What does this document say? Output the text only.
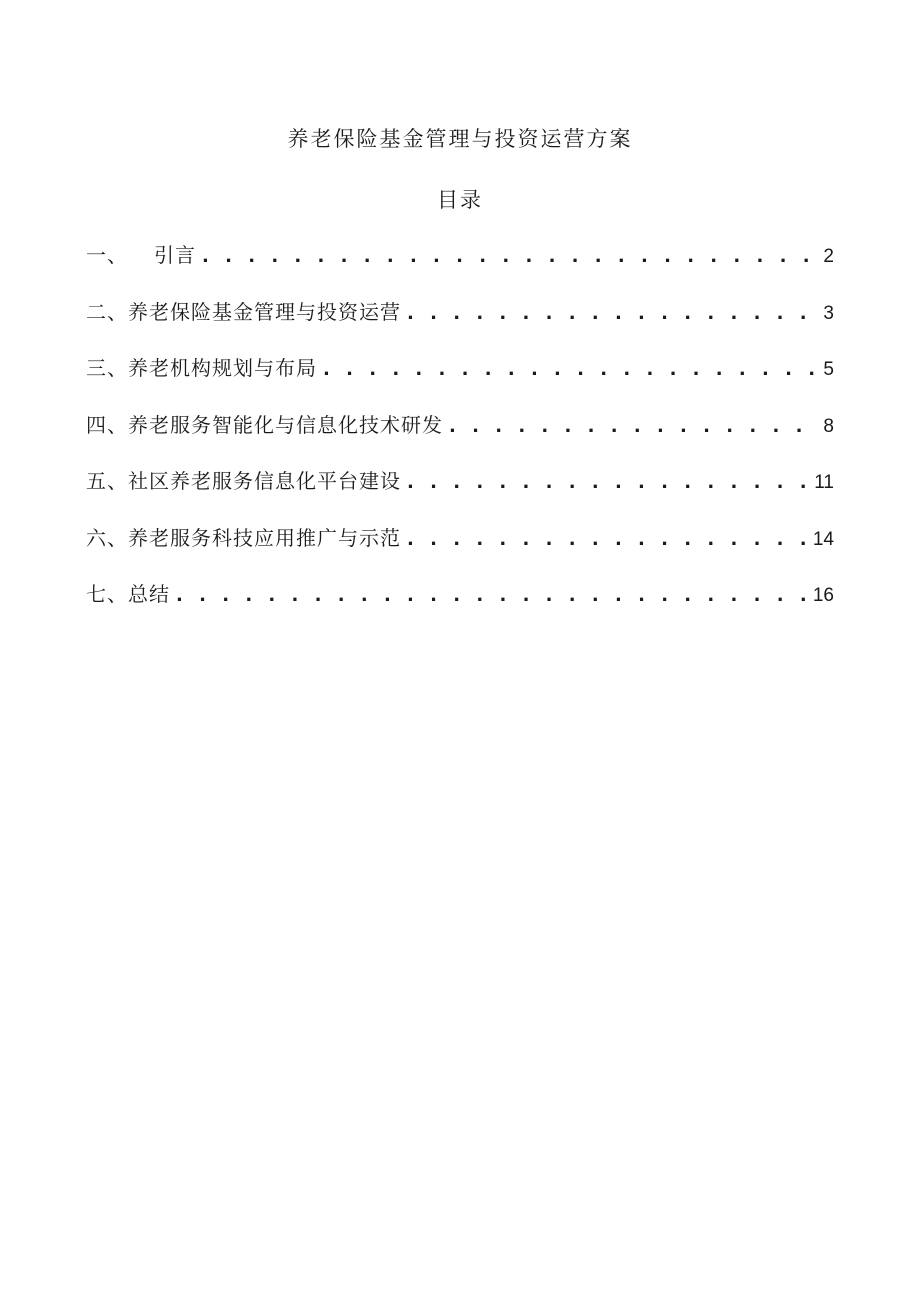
养老保险基金管理与投资运营方案
目录
一、 引言 . . .	2
二、养老保险基金管理与投资运营 . . .	3
三、养老机构规划与布局 . . .	5
四、养老服务智能化与信息化技术研发 . . .	8
五、社区养老服务信息化平台建设 . . .	11
六、养老服务科技应用推广与示范 . . .	14
七、总结 . . .	16
